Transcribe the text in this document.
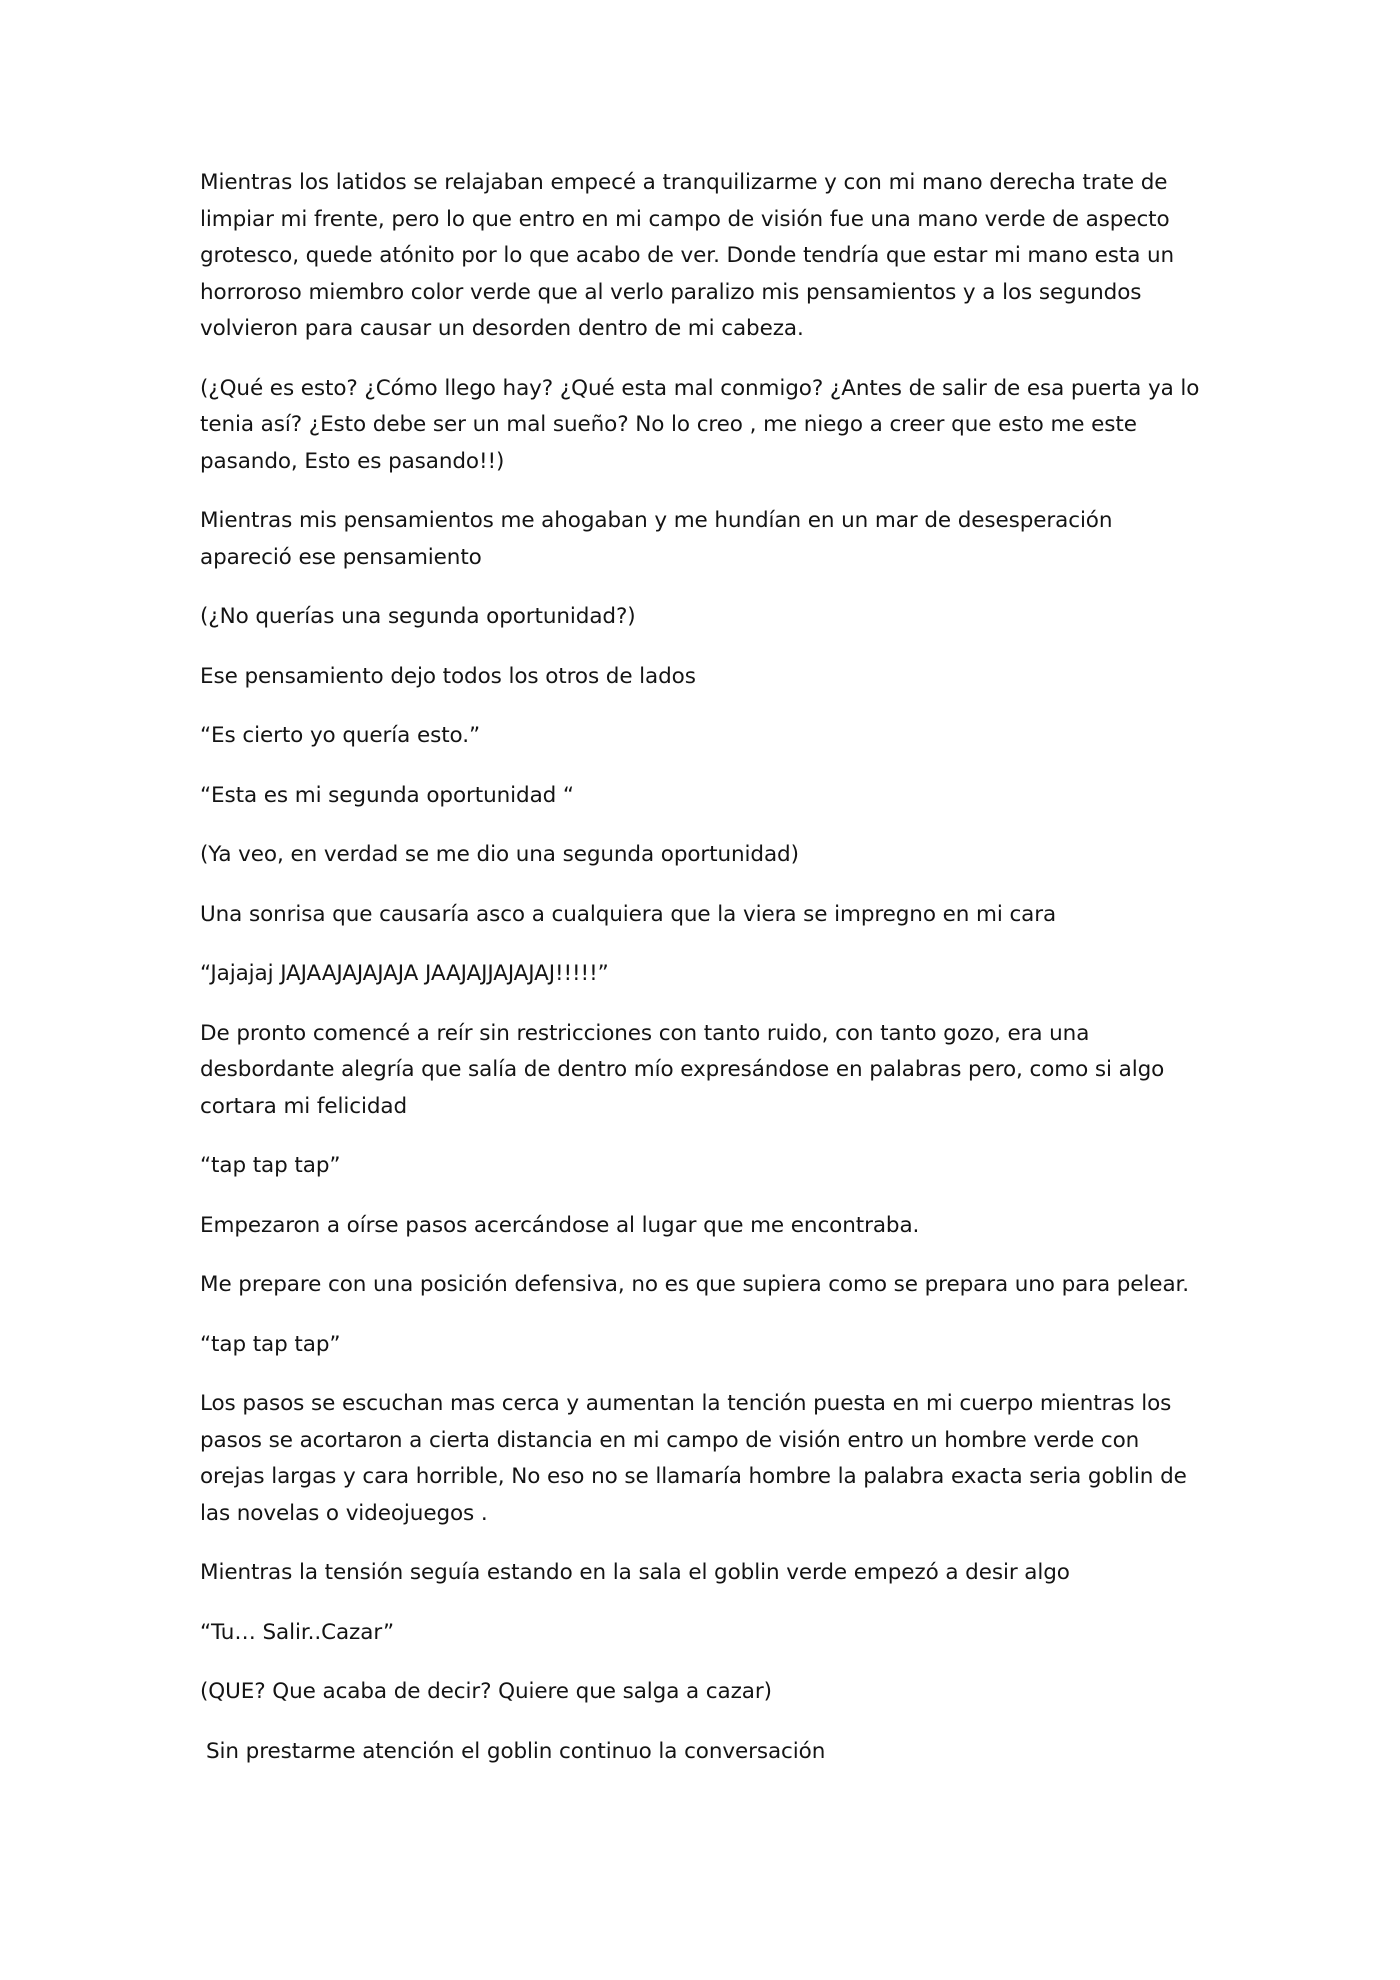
Mientras los latidos se relajaban empecé a tranquilizarme y con mi mano derecha trate de limpiar mi frente, pero lo que entro en mi campo de visión fue una mano verde de aspecto grotesco, quede atónito por lo que acabo de ver. Donde tendría que estar mi mano esta un horroroso miembro color verde que al verlo paralizo mis pensamientos y a los segundos volvieron para causar un desorden dentro de mi cabeza.

(¿Qué es esto? ¿Cómo llego hay? ¿Qué esta mal conmigo? ¿Antes de salir de esa puerta ya lo tenia así? ¿Esto debe ser un mal sueño? No lo creo , me niego a creer que esto me este pasando, Esto es pasando!!)

Mientras mis pensamientos me ahogaban y me hundían en un mar de desesperación apareció ese pensamiento

(¿No querías una segunda oportunidad?)

Ese pensamiento dejo todos los otros de lados

“Es cierto yo quería esto.”

“Esta es mi segunda oportunidad “

(Ya veo, en verdad se me dio una segunda oportunidad)

Una sonrisa que causaría asco a cualquiera que la viera se impregno en mi cara

“Jajajaj JAJAAJAJAJAJA JAAJAJJAJAJAJ!!!!!”

De pronto comencé a reír sin restricciones con tanto ruido, con tanto gozo, era una desbordante alegría que salía de dentro mío expresándose en palabras pero, como si algo cortara mi felicidad

“tap tap tap”

Empezaron a oírse pasos acercándose al lugar que me encontraba.

Me prepare con una posición defensiva, no es que supiera como se prepara uno para pelear.

“tap tap tap”

Los pasos se escuchan mas cerca y aumentan la tención puesta en mi cuerpo mientras los pasos se acortaron a cierta distancia en mi campo de visión entro un hombre verde con orejas largas y cara horrible, No eso no se llamaría hombre la palabra exacta seria goblin de las novelas o videojuegos .

Mientras la tensión seguía estando en la sala el goblin verde empezó a desir algo

“Tu… Salir..Cazar”

(QUE? Que acaba de decir? Quiere que salga a cazar)

Sin prestarme atención el goblin continuo la conversación
